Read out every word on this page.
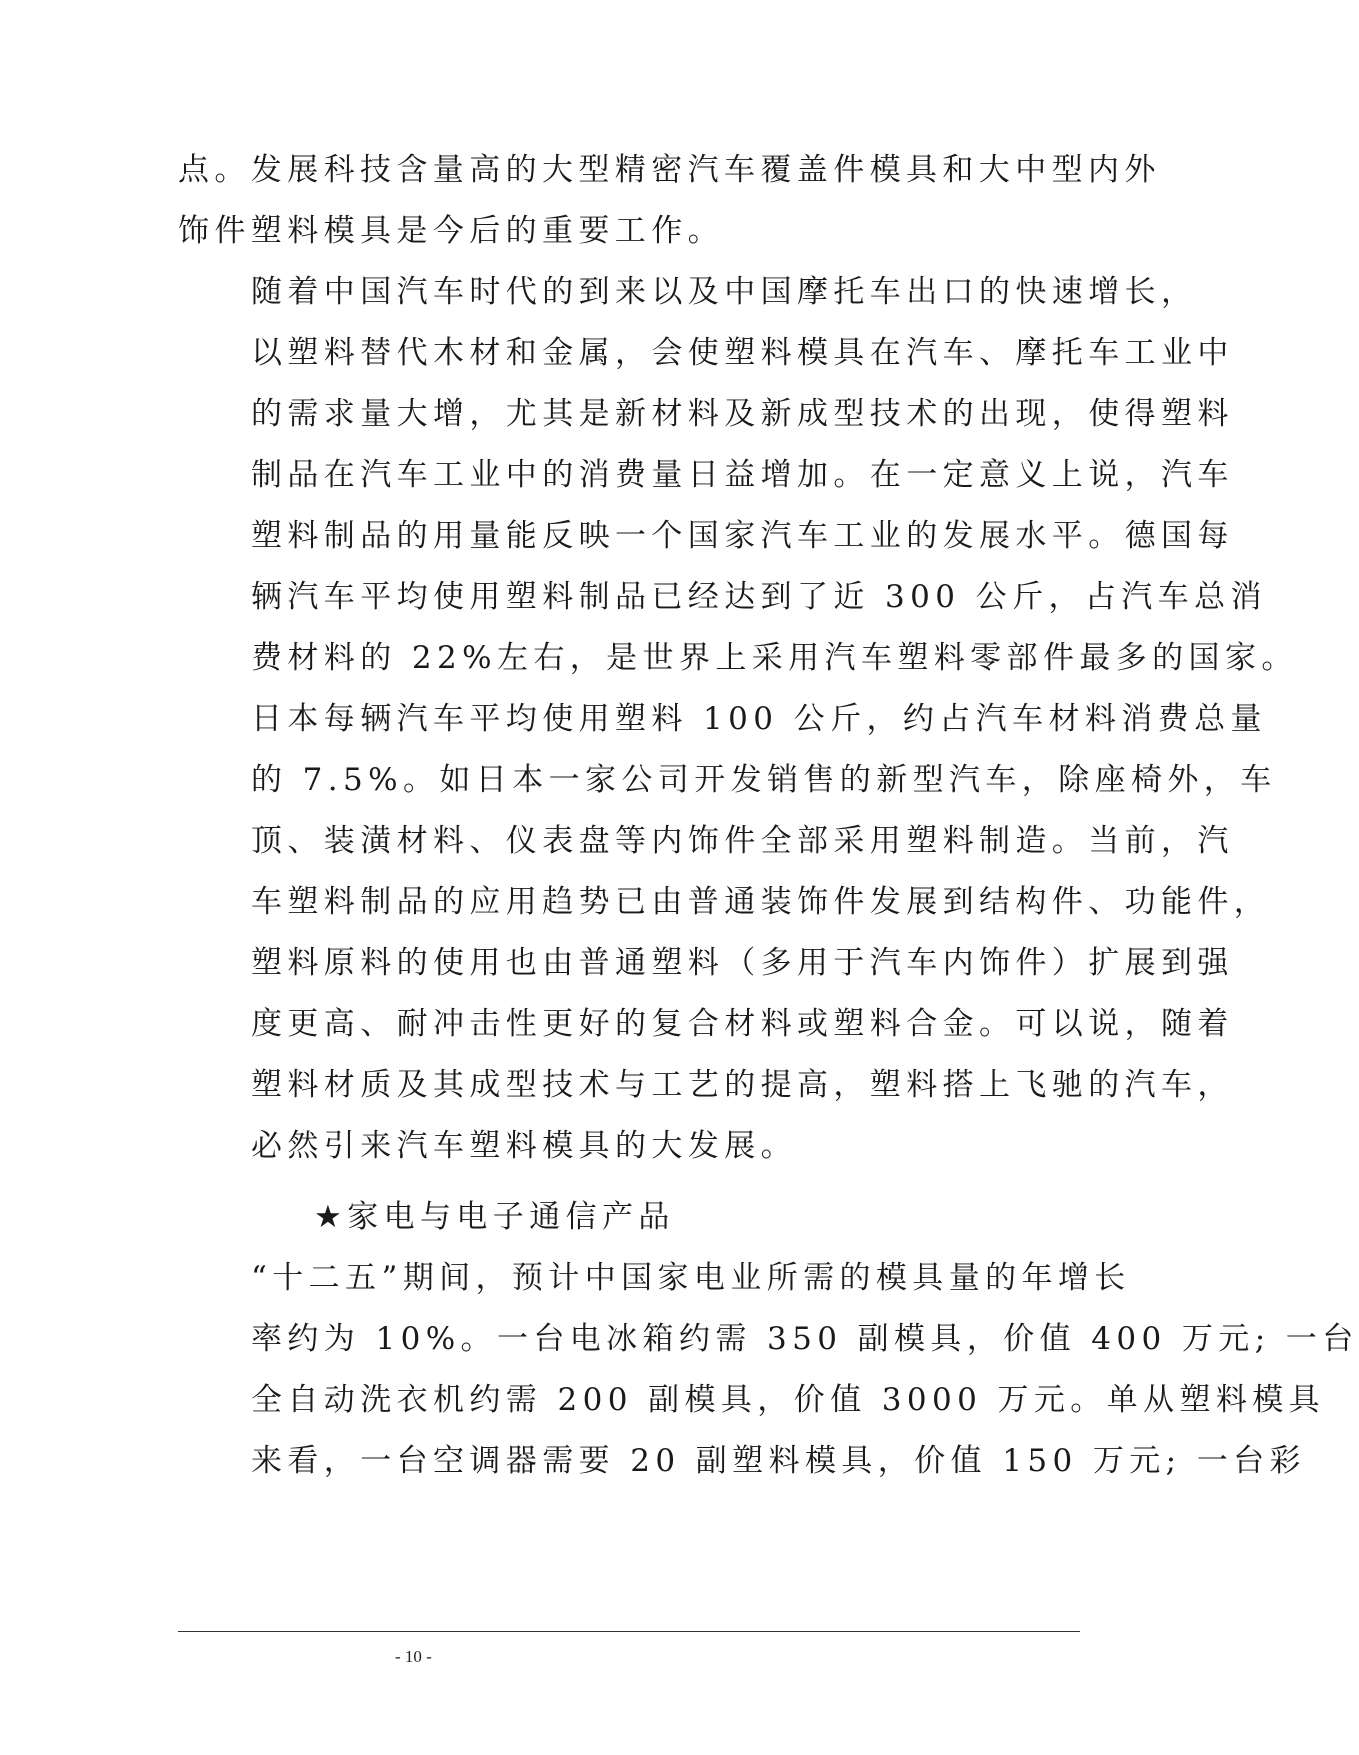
点。发展科技含量高的大型精密汽车覆盖件模具和大中型内外
饰件塑料模具是今后的重要工作。

随着中国汽车时代的到来以及中国摩托车出口的快速增长，
以塑料替代木材和金属，会使塑料模具在汽车、摩托车工业中
的需求量大增，尤其是新材料及新成型技术的出现，使得塑料
制品在汽车工业中的消费量日益增加。在一定意义上说，汽车
塑料制品的用量能反映一个国家汽车工业的发展水平。德国每
辆汽车平均使用塑料制品已经达到了近 300 公斤，占汽车总消
费材料的 22%左右，是世界上采用汽车塑料零部件最多的国家。
日本每辆汽车平均使用塑料 100 公斤，约占汽车材料消费总量
的 7.5%。如日本一家公司开发销售的新型汽车，除座椅外，车
顶、装潢材料、仪表盘等内饰件全部采用塑料制造。当前，汽
车塑料制品的应用趋势已由普通装饰件发展到结构件、功能件，
塑料原料的使用也由普通塑料（多用于汽车内饰件）扩展到强
度更高、耐冲击性更好的复合材料或塑料合金。可以说，随着
塑料材质及其成型技术与工艺的提高，塑料搭上飞驰的汽车，
必然引来汽车塑料模具的大发展。

★家电与电子通信产品

“十二五”期间，预计中国家电业所需的模具量的年增长
率约为 10%。一台电冰箱约需 350 副模具，价值 400 万元; 一台
全自动洗衣机约需 200 副模具，价值 3000 万元。单从塑料模具
来看，一台空调器需要 20 副塑料模具，价值 150 万元; 一台彩

- 10 -
